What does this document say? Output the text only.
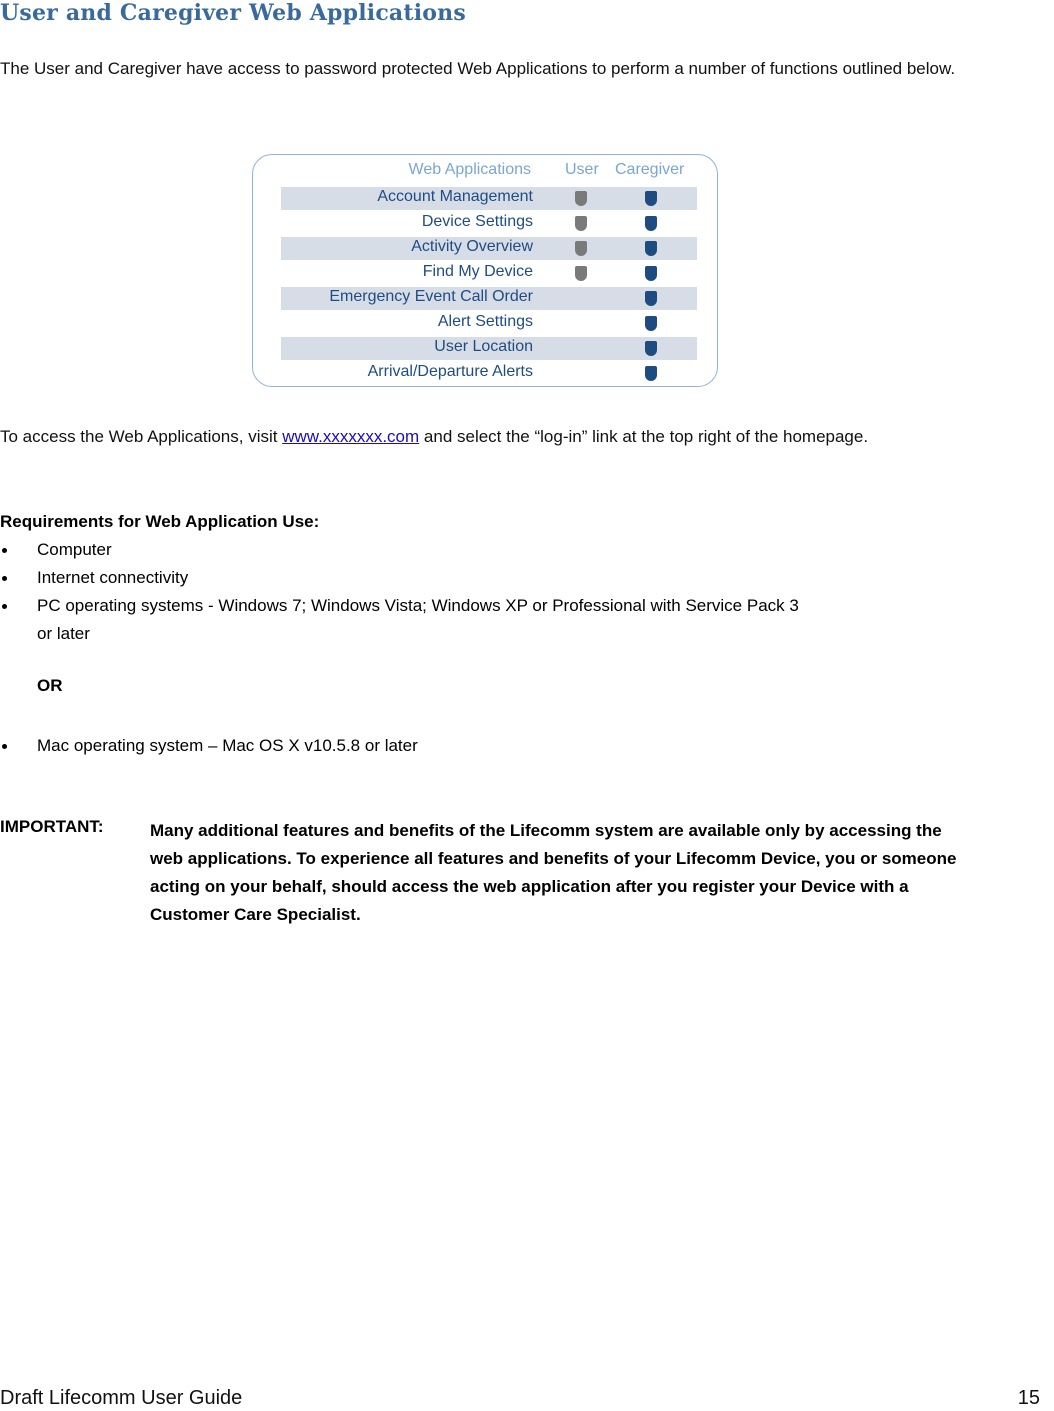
User and Caregiver Web Applications

The User and Caregiver have access to password protected Web Applications to perform a number of functions outlined below.

Web Applications User Caregiver
Account Management
Device Settings
Activity Overview
Find My Device
Emergency Event Call Order
Alert Settings
User Location
Arrival/Departure Alerts

To access the Web Applications, visit www.xxxxxxx.com and select the “log-in” link at the top right of the homepage.

Requirements for Web Application Use:

Computer
Internet connectivity
PC operating systems - Windows 7; Windows Vista; Windows XP or Professional with Service Pack 3
or later
OR
Mac operating system – Mac OS X v10.5.8 or later
IMPORTANT:	Many additional features and benefits of the Lifecomm system are available only by accessing the web applications. To experience all features and benefits of your Lifecomm Device, you or someone acting on your behalf, should access the web application after you register your Device with a Customer Care Specialist.

Draft Lifecomm User Guide	15
